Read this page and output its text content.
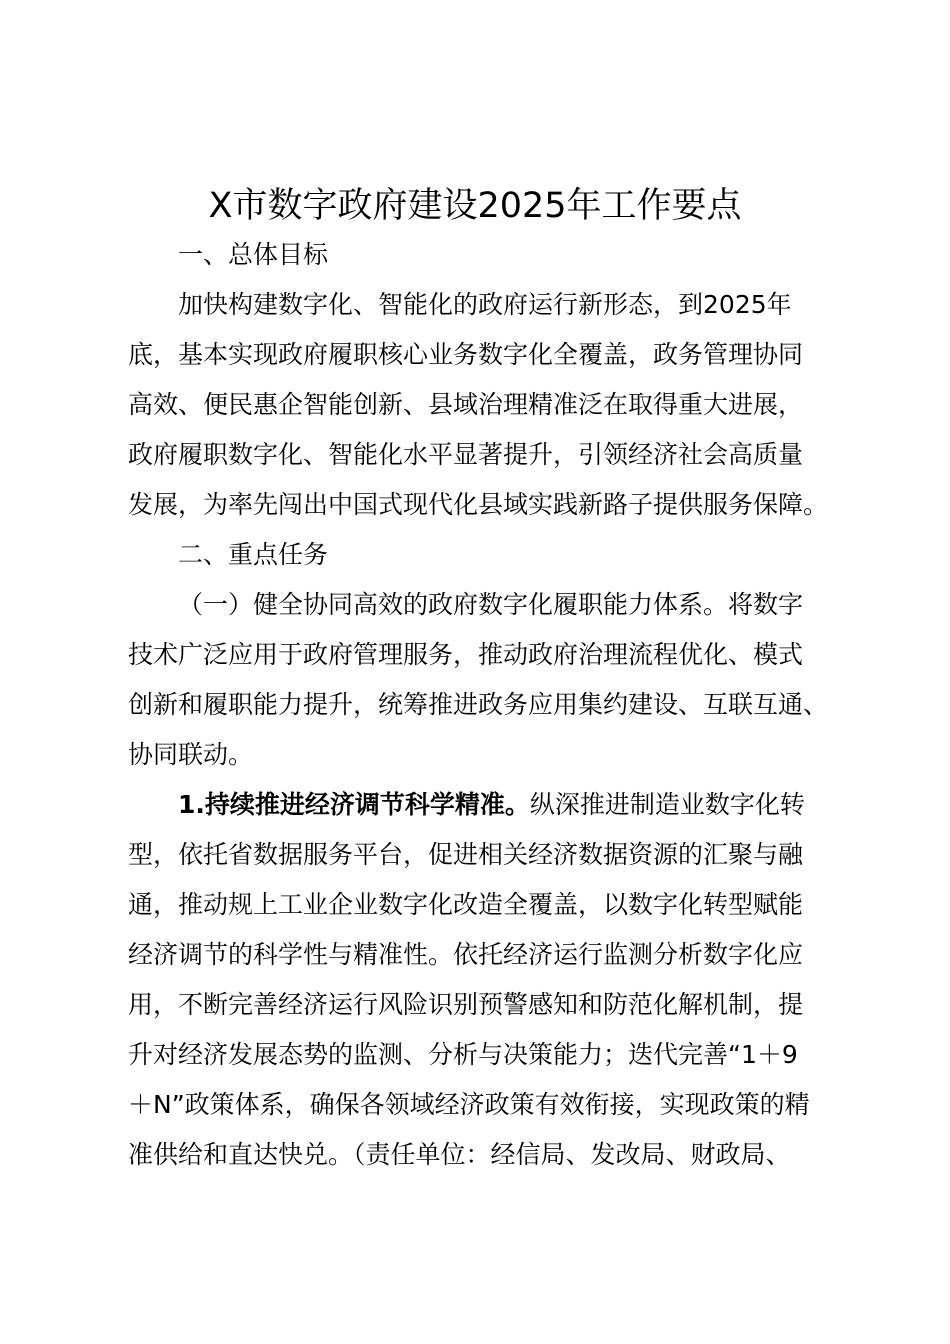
X市数字政府建设2025年工作要点
一、总体目标
加快构建数字化、智能化的政府运行新形态，到2025年
底，基本实现政府履职核心业务数字化全覆盖，政务管理协同
高效、便民惠企智能创新、县域治理精准泛在取得重大进展，
政府履职数字化、智能化水平显著提升，引领经济社会高质量
发展，为率先闯出中国式现代化县域实践新路子提供服务保障。
二、重点任务
（一）健全协同高效的政府数字化履职能力体系。将数字
技术广泛应用于政府管理服务，推动政府治理流程优化、模式
创新和履职能力提升，统筹推进政务应用集约建设、互联互通、
协同联动。
1.持续推进经济调节科学精准。纵深推进制造业数字化转
型，依托省数据服务平台，促进相关经济数据资源的汇聚与融
通，推动规上工业企业数字化改造全覆盖，以数字化转型赋能
经济调节的科学性与精准性。依托经济运行监测分析数字化应
用，不断完善经济运行风险识别预警感知和防范化解机制，提
升对经济发展态势的监测、分析与决策能力；迭代完善“1＋9
＋N”政策体系，确保各领域经济政策有效衔接，实现政策的精
准供给和直达快兑。（责任单位：经信局、发改局、财政局、
